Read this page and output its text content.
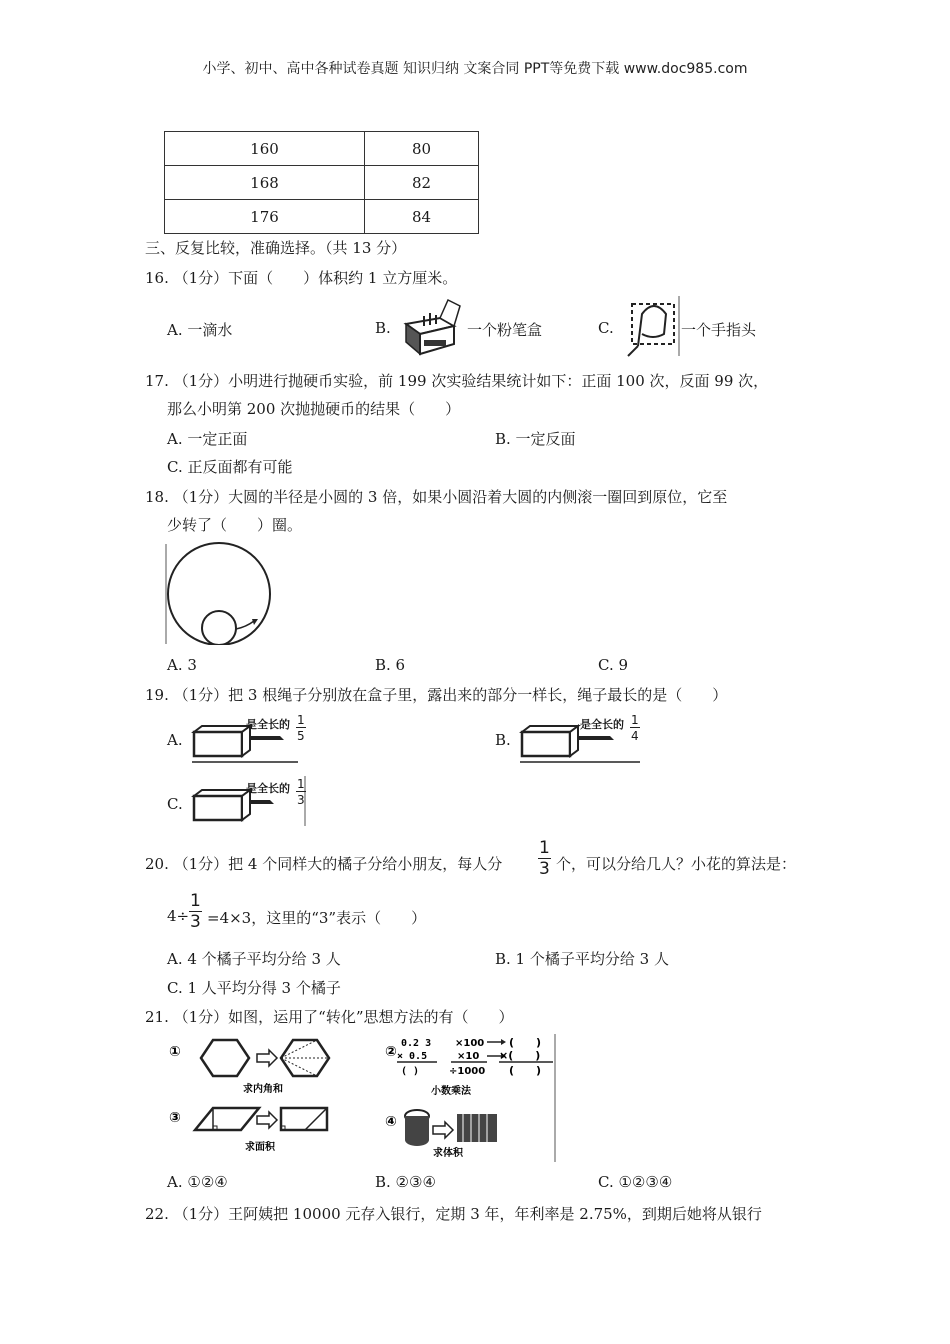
小学、初中、高中各种试卷真题 知识归纳 文案合同 PPT等免费下载 www.doc985.com
160	80
168	82
176	84
三、反复比较，准确选择。（共 13 分）
16. （1分）下面（　　）体积约 1 立方厘米。
A. 一滴水	B.	一个粉笔盒	C.	一个手指头
17. （1分）小明进行抛硬币实验，前 199 次实验结果统计如下：正面 100 次，反面 99 次，
那么小明第 200 次抛抛硬币的结果（　　）
A. 一定正面	B. 一定反面
C. 正反面都有可能
18. （1分）大圆的半径是小圆的 3 倍，如果小圆沿着大圆的内侧滚一圈回到原位，它至
少转了（　　）圈。
A. 3	B. 6	C. 9
19. （1分）把 3 根绳子分别放在盒子里，露出来的部分一样长，绳子最长的是（　　）
A.
是全长的 $\frac{1}{5}$	B.
是全长的 $\frac{1}{4}$
C.
是全长的 $\frac{1}{3}$
20. （1分）把 4 个同样大的橘子分给小朋友，每人分 $\frac{1}{3}$ 个，可以分给几人？小花的算法是：
$4\div \frac{1}{3} =4\times 3$，这里的“3”表示（　　）
A. 4 个橘子平均分给 3 人	B. 1 个橘子平均分给 3 人
C. 1 人平均分得 3 个橘子
21. （1分）如图，运用了“转化”思想方法的有（　　）
①
求内角和
②
0.2 3
× 0.5
( )
×100
×10
÷1000
(　　)
×(　　)
(　　)
小数乘法
③
求面积
④
求体积
A. ①②④	B. ②③④	C. ①②③④
22. （1分）王阿姨把 10000 元存入银行，定期 3 年，年利率是 2.75%，到期后她将从银行
